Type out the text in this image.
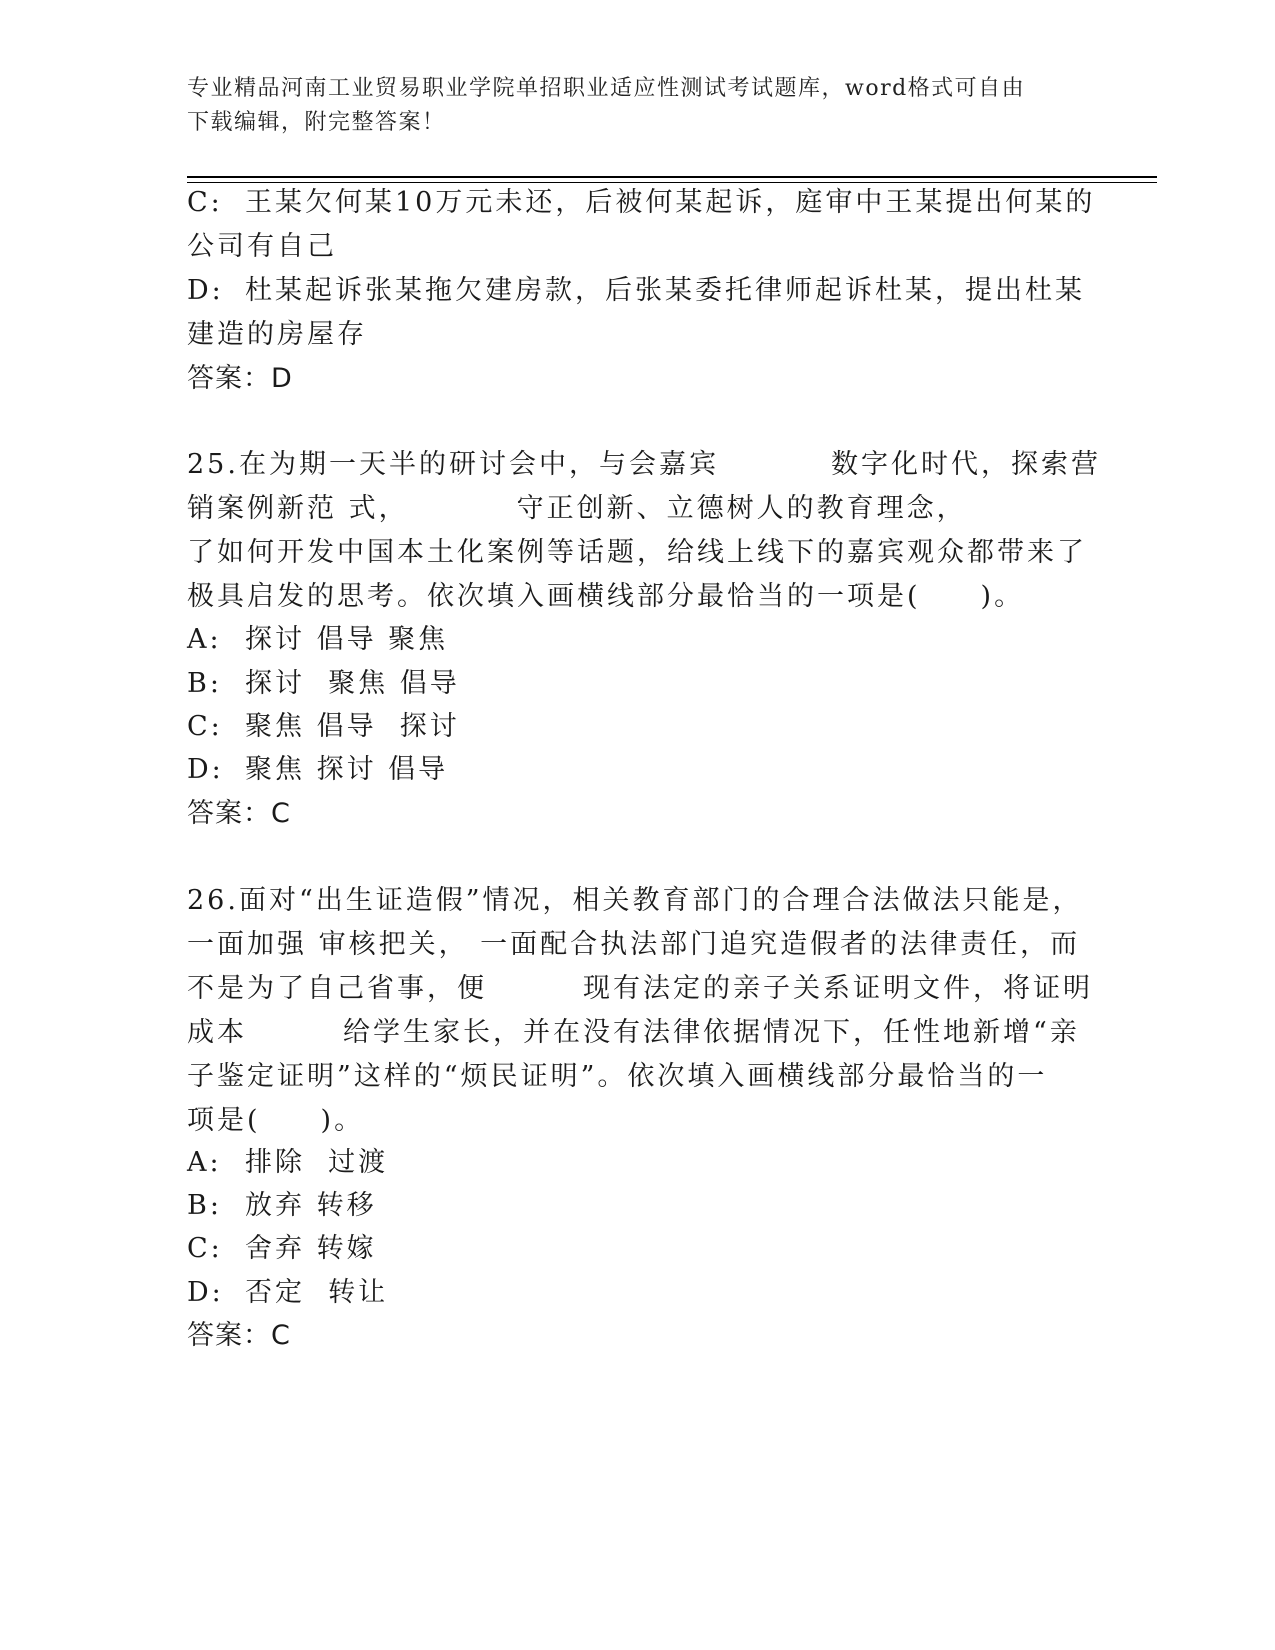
专业精品河南工业贸易职业学院单招职业适应性测试考试题库，word格式可自由
下载编辑，附完整答案！
C: 王某欠何某10万元未还，后被何某起诉，庭审中王某提出何某的
公司有自己
D: 杜某起诉张某拖欠建房款，后张某委托律师起诉杜某，提出杜某
建造的房屋存
答案：D
25.在为期一天半的研讨会中，与会嘉宾	数字化时代，探索营
销案例新范 式，	守正创新、立德树人的教育理念，
了如何开发中国本土化案例等话题，给线上线下的嘉宾观众都带来了
极具启发的思考。依次填入画横线部分最恰当的一项是(　　)。
A: 探讨 倡导 聚焦
B: 探讨  聚焦 倡导
C: 聚焦 倡导  探讨
D: 聚焦 探讨 倡导
答案：C
26.面对“出生证造假”情况，相关教育部门的合理合法做法只能是，
一面加强 审核把关， 一面配合执法部门追究造假者的法律责任，而
不是为了自己省事，便	现有法定的亲子关系证明文件，将证明
成本	给学生家长，并在没有法律依据情况下，任性地新增“亲
子鉴定证明”这样的“烦民证明”。依次填入画横线部分最恰当的一
项是(　　)。
A: 排除  过渡
B: 放弃 转移
C: 舍弃 转嫁
D: 否定  转让
答案：C
